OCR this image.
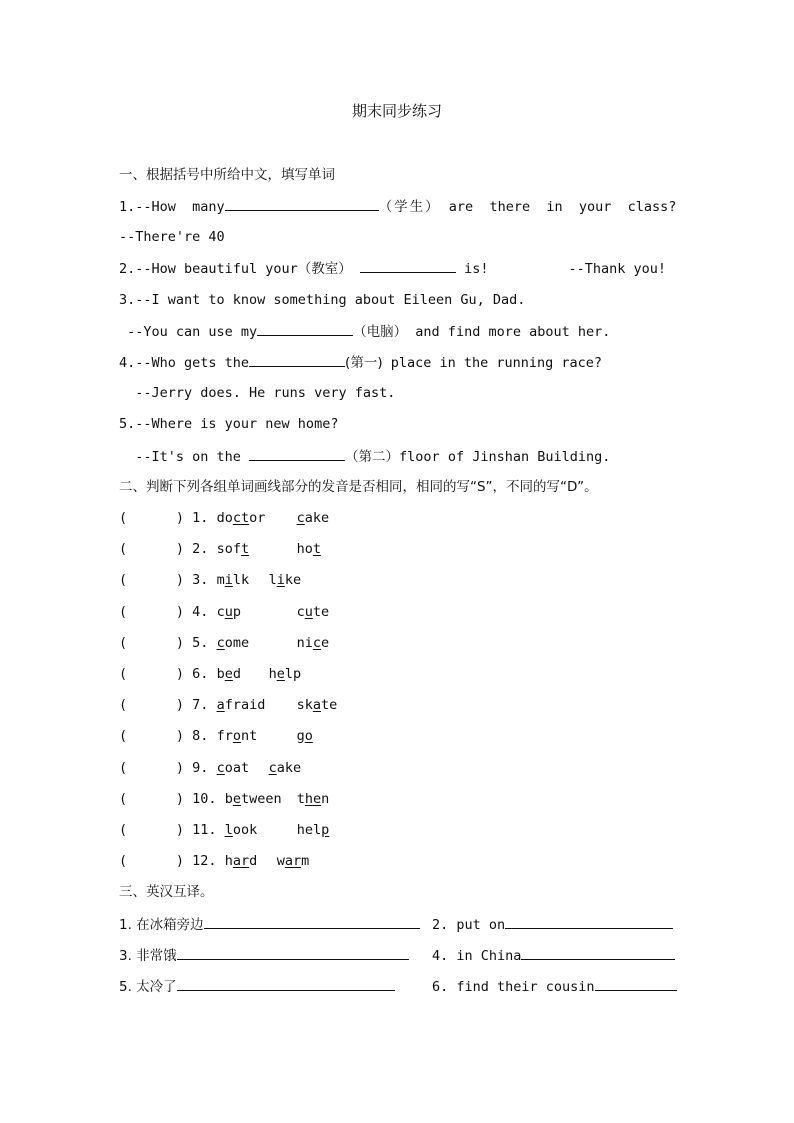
期末同步练习
一、根据括号中所给中文，填写单词
1.--How  many	（学生） are  there  in  your  class?
--There're 40
2.--How beautiful your（教室）	is!	--Thank you!
3.--I want to know something about Eileen Gu, Dad.
--You can use my	（电脑） and find more about her.
4.--Who gets the	(第一) place in the running race?
--Jerry does. He runs very fast.
5.--Where is your new home?
--It's on the	（第二）floor of Jinshan Building.
二、判断下列各组单词画线部分的发音是否相同，相同的写“S”，不同的写“D”。
(      ) 1. doctor cake
(      ) 2. soft	hot
(      ) 3. milk like
(      ) 4. cup	cute
(      ) 5. come	nice
(      ) 6. bed help
(      ) 7. afraid skate
(      ) 8. front	go
(      ) 9. coat cake
(      ) 10. between then
(      ) 11. look	help
(      ) 12. hard warm
三、英汉互译。
1. 在冰箱旁边	2. put on
3. 非常饿	4. in China
5. 太冷了	6. find their cousin
